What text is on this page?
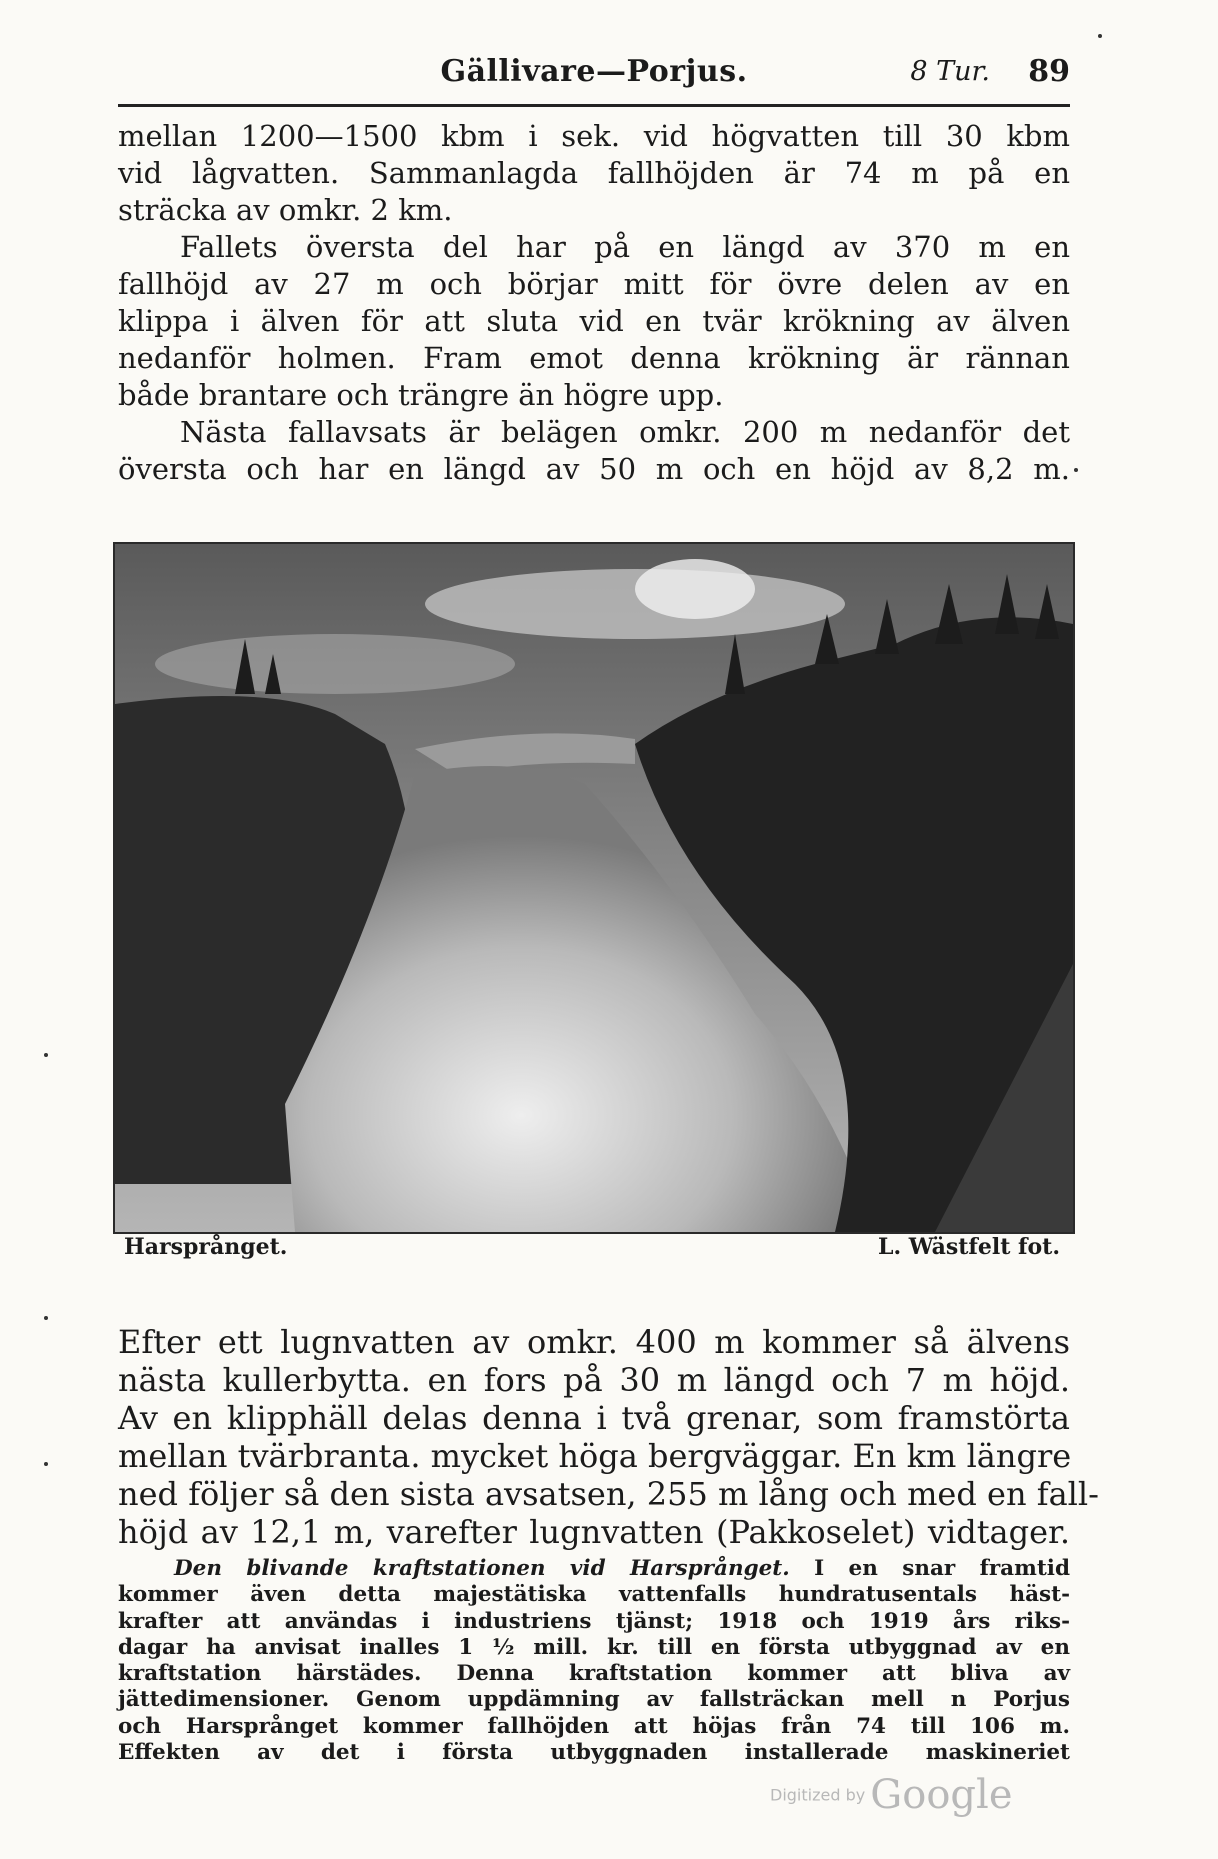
Gällivare—Porjus.	8 Tur. 89

mellan 1200—1500 kbm i sek. vid högvatten till 30 kbm
vid lågvatten. Sammanlagda fallhöjden är 74 m på en
sträcka av omkr. 2 km.

Fallets översta del har på en längd av 370 m en
fallhöjd av 27 m och börjar mitt för övre delen av en
klippa i älven för att sluta vid en tvär krökning av älven
nedanför holmen. Fram emot denna krökning är rännan
både brantare och trängre än högre upp.

Nästa fallavsats är belägen omkr. 200 m nedanför det
översta och har en längd av 50 m och en höjd av 8,2 m.

Harsprånget.	L. Wästfelt fot.

Efter ett lugnvatten av omkr. 400 m kommer så älvens
nästa kullerbytta. en fors på 30 m längd och 7 m höjd.
Av en klipphäll delas denna i två grenar, som framstörta
mellan tvärbranta. mycket höga bergväggar. En km längre
ned följer så den sista avsatsen, 255 m lång och med en fall-
höjd av 12,1 m, varefter lugnvatten (Pakkoselet) vidtager.

Den blivande kraftstationen vid Harsprånget. I en snar framtid
kommer även detta majestätiska vattenfalls hundratusentals häst-
krafter att användas i industriens tjänst; 1918 och 1919 års riks-
dagar ha anvisat inalles 1 ½ mill. kr. till en första utbyggnad av en
kraftstation härstädes. Denna kraftstation kommer att bliva av
jättedimensioner. Genom uppdämning av fallsträckan mell n Porjus
och Harsprånget kommer fallhöjden att höjas från 74 till 106 m.
Effekten av det i första utbyggnaden installerade maskineriet

Digitized by Google
